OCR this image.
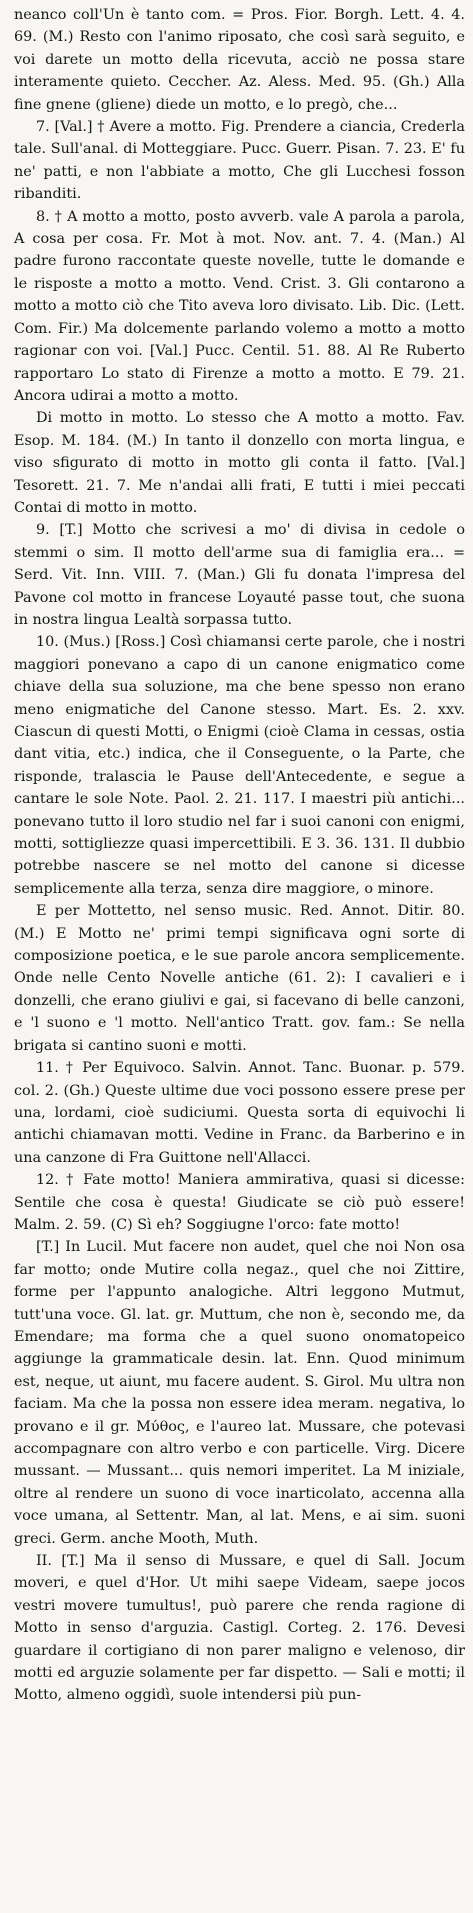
neanco coll'Un è tanto com. = Pros. Fior. Borgh. Lett. 4. 4. 69. (M.) Resto con l'animo riposato, che così sarà seguito, e voi darete un motto della ricevuta, acciò ne possa stare interamente quieto. Ceccher. Az. Aless. Med. 95. (Gh.) Alla fine gnene (gliene) diede un motto, e lo pregò, che...

7. [Val.] † Avere a motto. Fig. Prendere a ciancia, Crederla tale. Sull'anal. di Motteggiare. Pucc. Guerr. Pisan. 7. 23. E' fu ne' patti, e non l'abbiate a motto, Che gli Lucchesi fosson ribanditi.

8. † A motto a motto, posto avverb. vale A parola a parola, A cosa per cosa. Fr. Mot à mot. Nov. ant. 7. 4. (Man.) Al padre furono raccontate queste novelle, tutte le domande e le risposte a motto a motto. Vend. Crist. 3. Gli contarono a motto a motto ciò che Tito aveva loro divisato. Lib. Dic. (Lett. Com. Fir.) Ma dolcemente parlando volemo a motto a motto ragionar con voi. [Val.] Pucc. Centil. 51. 88. Al Re Ruberto rapportaro Lo stato di Firenze a motto a motto. E 79. 21. Ancora udirai a motto a motto.

Di motto in motto. Lo stesso che A motto a motto. Fav. Esop. M. 184. (M.) In tanto il donzello con morta lingua, e viso sfigurato di motto in motto gli conta il fatto. [Val.] Tesorett. 21. 7. Me n'andai alli frati, E tutti i miei peccati Contai di motto in motto.

9. [T.] Motto che scrivesi a mo' di divisa in cedole o stemmi o sim. Il motto dell'arme sua di famiglia era... = Serd. Vit. Inn. VIII. 7. (Man.) Gli fu donata l'impresa del Pavone col motto in francese Loyauté passe tout, che suona in nostra lingua Lealtà sorpassa tutto.

10. (Mus.) [Ross.] Così chiamansi certe parole, che i nostri maggiori ponevano a capo di un canone enigmatico come chiave della sua soluzione, ma che bene spesso non erano meno enigmatiche del Canone stesso. Mart. Es. 2. xxv. Ciascun di questi Motti, o Enigmi (cioè Clama in cessas, ostia dant vitia, etc.) indica, che il Conseguente, o la Parte, che risponde, tralascia le Pause dell'Antecedente, e segue a cantare le sole Note. Paol. 2. 21. 117. I maestri più antichi... ponevano tutto il loro studio nel far i suoi canoni con enigmi, motti, sottigliezze quasi impercettibili. E 3. 36. 131. Il dubbio potrebbe nascere se nel motto del canone si dicesse semplicemente alla terza, senza dire maggiore, o minore.

E per Mottetto, nel senso music. Red. Annot. Ditir. 80. (M.) E Motto ne' primi tempi significava ogni sorte di composizione poetica, e le sue parole ancora semplicemente. Onde nelle Cento Novelle antiche (61. 2): I cavalieri e i donzelli, che erano giulivi e gai, si facevano di belle canzoni, e 'l suono e 'l motto. Nell'antico Tratt. gov. fam.: Se nella brigata si cantino suoni e motti.

11. † Per Equivoco. Salvin. Annot. Tanc. Buonar. p. 579. col. 2. (Gh.) Queste ultime due voci possono essere prese per una, lordami, cioè sudiciumi. Questa sorta di equivochi li antichi chiamavan motti. Vedine in Franc. da Barberino e in una canzone di Fra Guittone nell'Allacci.

12. † Fate motto! Maniera ammirativa, quasi si dicesse: Sentile che cosa è questa! Giudicate se ciò può essere! Malm. 2. 59. (C) Sì eh? Soggiugne l'orco: fate motto!

[T.] In Lucil. Mut facere non audet, quel che noi Non osa far motto; onde Mutire colla negaz., quel che noi Zittire, forme per l'appunto analogiche. Altri leggono Mutmut, tutt'una voce. Gl. lat. gr. Muttum, che non è, secondo me, da Emendare; ma forma che a quel suono onomatopeico aggiunge la grammaticale desin. lat. Enn. Quod minimum est, neque, ut aiunt, mu facere audent. S. Girol. Mu ultra non faciam. Ma che la possa non essere idea meram. negativa, lo provano e il gr. Μύθος, e l'aureo lat. Mussare, che potevasi accompagnare con altro verbo e con particelle. Virg. Dicere mussant. — Mussant... quis nemori imperitet. La M iniziale, oltre al rendere un suono di voce inarticolato, accenna alla voce umana, al Settentr. Man, al lat. Mens, e ai sim. suoni greci. Germ. anche Mooth, Muth.

II. [T.] Ma il senso di Mussare, e quel di Sall. Jocum moveri, e quel d'Hor. Ut mihi saepe Videam, saepe jocos vestri movere tumultus!, può parere che renda ragione di Motto in senso d'arguzia. Castigl. Corteg. 2. 176. Devesi guardare il cortigiano di non parer maligno e velenoso, dir motti ed arguzie solamente per far dispetto. — Sali e motti; il Motto, almeno oggidì, suole intendersi più pun-
